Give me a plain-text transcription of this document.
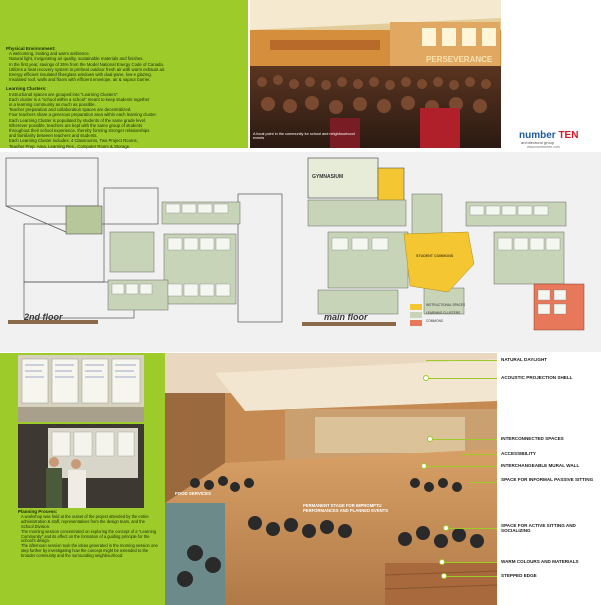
Physical Environment:
A welcoming, inviting and warm ambience.
Natural light, invigorating air quality, sustainable materials and finishes.
In the first year, savings of 35% from the Model National Energy Code of Canada.
Utilizes a heat recovery system to preheat outdoor fresh air with warm exhaust air.
Energy efficient insulated fiberglass windows with dual-pane, low-e glazing.
Insulated roof, walls and floors with efficient envelope, air & vapour barrier.
Learning Clusters:
Instructional spaces are grouped into "Learning Clusters".
Each cluster is a "school within a school" meant to keep students together
in a learning community as much as possible.
Teacher preparation and collaboration spaces are decentralized.
Four teachers share a generous preparation area within each learning cluster.
Each Learning Cluster is populated by students of the same grade level.
Wherever possible, teachers are kept with the same group of students
throughout their school experience, thereby forming stronger relationships
and familiarity between teachers and students.
Each Learning Cluster includes: 4 Classrooms, Two Project Rooms,
Teacher Prep. Area, Learning Res., Computer Room & Storage.
PERSEVERANCE
A focal point in the community for school and neighbourhood events	number TEN
architectural group
www.numberten.com
2nd floor	main floor
GYMNASIUM
STUDENT COMMONS
INSTRUCTIONAL SPACES
LEARNING CLUSTERS
COMMONS
Planning Process:
A workshop was held at the outset of the project attended by the entire administration & staff, representatives from the design team, and the School Division.
The morning session concentrated on exploring the concept of a "Learning Community" and its effect on the formation of a guiding principle for the school's design.
The afternoon session took the ideas generated in the morning session one step further by investigating how the concept might be extended to the broader community and the surrounding neighbourhood.
FOOD SERVICES
PERMANENT STAGE FOR IMPROMPTU PERFORMANCES AND PLANNED EVENTS
NATURAL DAYLIGHT
ACOUSTIC PROJECTION SHELL
INTERCONNECTED SPACES
ACCESSIBILITY
INTERCHANGEABLE MURAL WALL
SPACE FOR INFORMAL PASSIVE SITTING
SPACE FOR ACTIVE SITTING AND SOCIALIZING
WARM COLOURS AND MATERIALS
STEPPED EDGE
